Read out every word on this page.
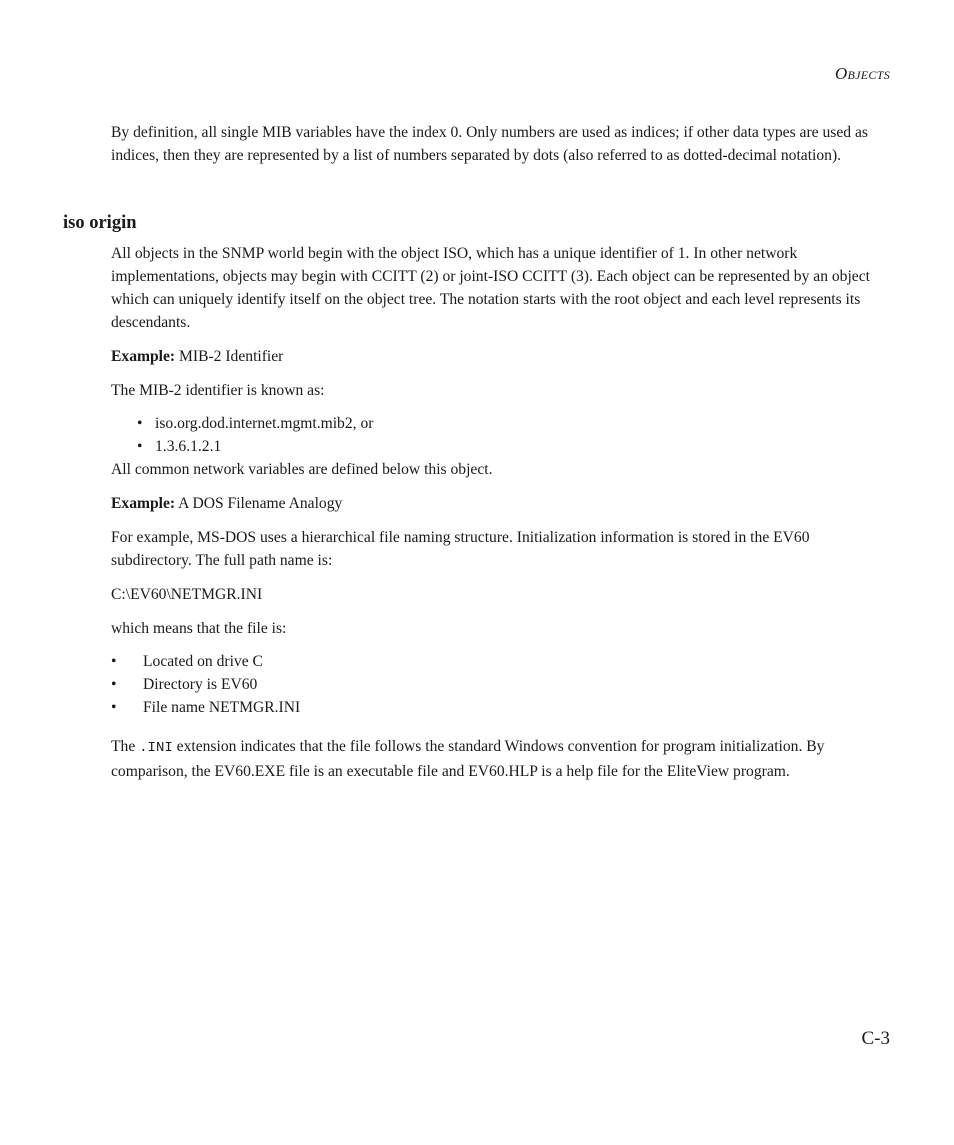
Objects

By definition, all single MIB variables have the index 0. Only numbers are used as indices; if other data types are used as indices, then they are represented by a list of numbers separated by dots (also referred to as dotted-decimal notation).

iso origin

All objects in the SNMP world begin with the object ISO, which has a unique identifier of 1. In other network implementations, objects may begin with CCITT (2) or joint-ISO CCITT (3). Each object can be represented by an object which can uniquely identify itself on the object tree. The notation starts with the root object and each level represents its descendants.

Example: MIB-2 Identifier

The MIB-2 identifier is known as:

• iso.org.dod.internet.mgmt.mib2, or
• 1.3.6.1.2.1

All common network variables are defined below this object.

Example: A DOS Filename Analogy

For example, MS-DOS uses a hierarchical file naming structure. Initialization information is stored in the EV60 subdirectory. The full path name is:

C:\EV60\NETMGR.INI

which means that the file is:

• Located on drive C
• Directory is EV60
• File name NETMGR.INI

The .INI extension indicates that the file follows the standard Windows convention for program initialization. By comparison, the EV60.EXE file is an executable file and EV60.HLP is a help file for the EliteView program.

C-3
